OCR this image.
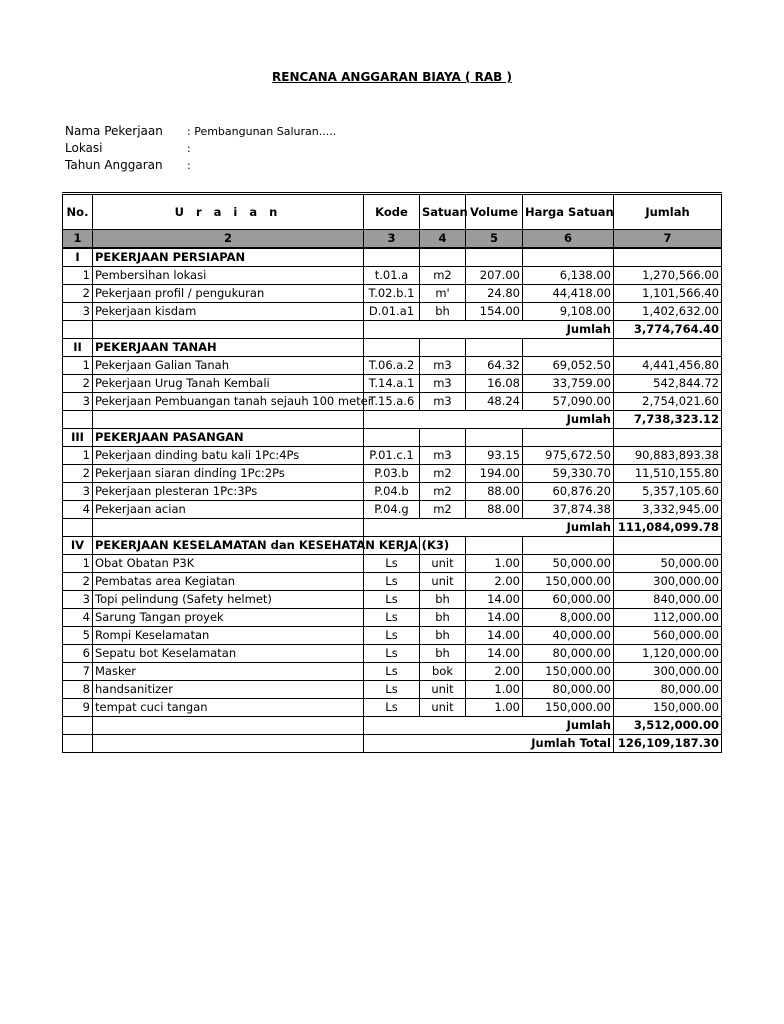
RENCANA ANGGARAN BIAYA ( RAB )
Nama Pekerjaan : Pembangunan Saluran.....
Lokasi	:
Tahun Anggaran :
No.	U r a i a n	Kode	Satuan	Volume	Harga Satuan	Jumlah
1	2	3	4	5	6	7
I	PEKERJAAN PERSIAPAN					
1	Pembersihan lokasi	t.01.a	m2	207.00	6,138.00	1,270,566.00
2	Pekerjaan profil / pengukuran	T.02.b.1	m'	24.80	44,418.00	1,101,566.40
3	Pekerjaan kisdam	D.01.a1	bh	154.00	9,108.00	1,402,632.00
		Jumlah				3,774,764.40
II	PEKERJAAN TANAH					
1	Pekerjaan Galian Tanah	T.06.a.2	m3	64.32	69,052.50	4,441,456.80
2	Pekerjaan Urug Tanah Kembali	T.14.a.1	m3	16.08	33,759.00	542,844.72
3	Pekerjaan Pembuangan tanah sejauh 100 meter	T.15.a.6	m3	48.24	57,090.00	2,754,021.60
		Jumlah				7,738,323.12
III	PEKERJAAN PASANGAN					
1	Pekerjaan dinding batu kali 1Pc:4Ps	P.01.c.1	m3	93.15	975,672.50	90,883,893.38
2	Pekerjaan siaran dinding 1Pc:2Ps	P.03.b	m2	194.00	59,330.70	11,510,155.80
3	Pekerjaan plesteran 1Pc:3Ps	P.04.b	m2	88.00	60,876.20	5,357,105.60
4	Pekerjaan acian	P.04.g	m2	88.00	37,874.38	3,332,945.00
		Jumlah				111,084,099.78
IV	PEKERJAAN KESELAMATAN dan KESEHATAN KERJA (K3)					
1	Obat Obatan P3K	Ls	unit	1.00	50,000.00	50,000.00
2	Pembatas area Kegiatan	Ls	unit	2.00	150,000.00	300,000.00
3	Topi pelindung (Safety helmet)	Ls	bh	14.00	60,000.00	840,000.00
4	Sarung Tangan proyek	Ls	bh	14.00	8,000.00	112,000.00
5	Rompi Keselamatan	Ls	bh	14.00	40,000.00	560,000.00
6	Sepatu bot Keselamatan	Ls	bh	14.00	80,000.00	1,120,000.00
7	Masker	Ls	bok	2.00	150,000.00	300,000.00
8	handsanitizer	Ls	unit	1.00	80,000.00	80,000.00
9	tempat cuci tangan	Ls	unit	1.00	150,000.00	150,000.00
		Jumlah				3,512,000.00
		Jumlah Total				126,109,187.30
